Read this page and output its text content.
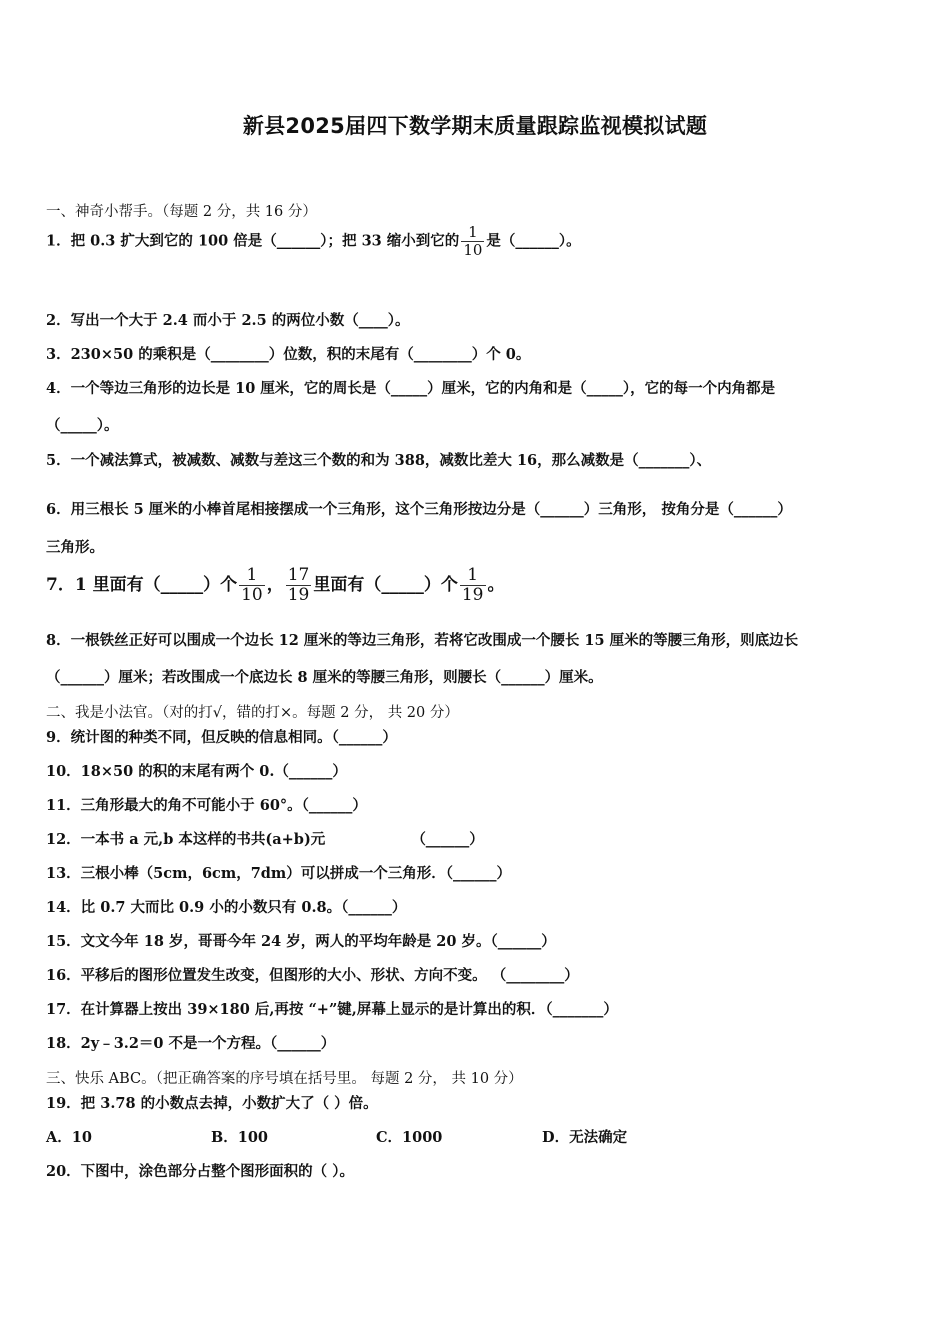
新县2025届四下数学期末质量跟踪监视模拟试题
一、神奇小帮手。（每题 2 分，共 16 分）
1．把 0.3 扩大到它的 100 倍是（______）；把 33 缩小到它的 $\frac{1}{10}$ 是（______）。
2．写出一个大于 2.4 而小于 2.5 的两位小数（____）。
3．230×50 的乘积是（________）位数，积的末尾有（________）个 0。
4．一个等边三角形的边长是 10 厘米，它的周长是（_____）厘米，它的内角和是（_____），它的每一个内角都是
（_____）。
5．一个减法算式，被减数、减数与差这三个数的和为 388，减数比差大 16，那么减数是（_______）、
6．用三根长 5 厘米的小棒首尾相接摆成一个三角形，这个三角形按边分是（______）三角形， 按角分是（______）
三角形。
7．1 里面有（_____）个 $\frac{1}{10}$ ， $\frac{17}{19}$ 里面有（_____）个 $\frac{1}{19}$ 。
8．一根铁丝正好可以围成一个边长 12 厘米的等边三角形，若将它改围成一个腰长 15 厘米的等腰三角形，则底边长
（______）厘米；若改围成一个底边长 8 厘米的等腰三角形，则腰长（______）厘米。
二、我是小法官。（对的打√，错的打×。每题 2 分， 共 20 分）
9．统计图的种类不同，但反映的信息相同。（______）
10．18×50 的积的末尾有两个 0.（______）
11．三角形最大的角不可能小于 60°。（______）
12．一本书 a 元,b 本这样的书共(a+b)元	（______）
13．三根小棒（5cm，6cm，7dm）可以拼成一个三角形．（______）
14．比 0.7 大而比 0.9 小的小数只有 0.8。（______）
15．文文今年 18 岁，哥哥今年 24 岁，两人的平均年龄是 20 岁。（______）
16．平移后的图形位置发生改变，但图形的大小、形状、方向不变。 （________）
17．在计算器上按出 39×180 后,再按 “+”键,屏幕上显示的是计算出的积．（_______）
18．2y﹣3.2＝0 不是一个方程。（______）
三、快乐 ABC。（把正确答案的序号填在括号里。 每题 2 分， 共 10 分）
19．把 3.78 的小数点去掉，小数扩大了（ ）倍。
A．10	B．100	C．1000	D．无法确定
20．下图中，涂色部分占整个图形面积的（ ）。
